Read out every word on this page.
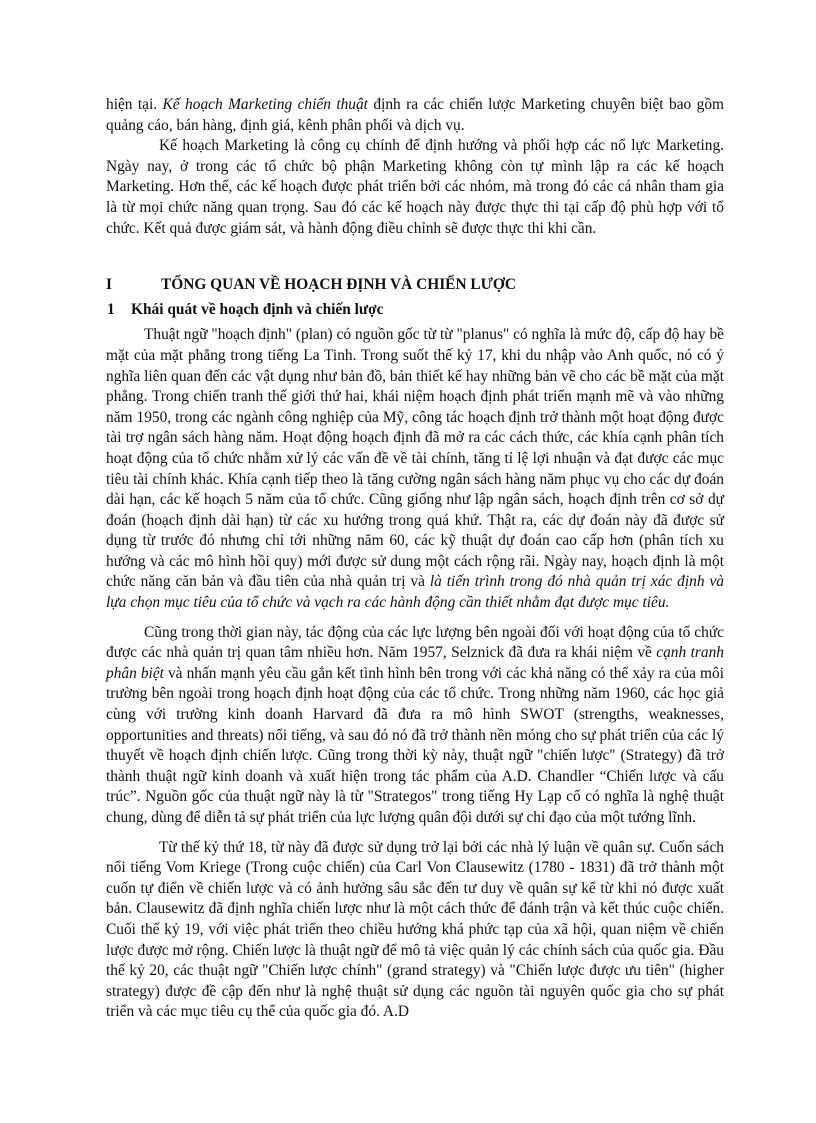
hiện tại. Kế hoạch Marketing chiến thuật định ra các chiến lược Marketing chuyên biệt bao gồm quảng cáo, bán hàng, định giá, kênh phân phối và dịch vụ.

Kế hoạch Marketing là công cụ chính để định hướng và phối hợp các nổ lực Marketing. Ngày nay, ở trong các tổ chức bộ phận Marketing không còn tự mình lập ra các kế hoạch Marketing. Hơn thế, các kế hoạch được phát triển bởi các nhóm, mà trong đó các cá nhân tham gia là từ mọi chức năng quan trọng. Sau đó các kế hoạch này được thực thi tại cấp độ phù hợp với tổ chức. Kết quả được giám sát, và hành động điều chỉnh sẽ được thực thi khi cần.

I	TỔNG QUAN VỀ HOẠCH ĐỊNH VÀ CHIẾN LƯỢC
1	Khái quát về hoạch định và chiến lược

Thuật ngữ "hoạch định" (plan) có nguồn gốc từ từ "planus" có nghĩa là mức độ, cấp độ hay bề mặt của mặt phẳng trong tiếng La Tinh. Trong suốt thế kỷ 17, khi du nhập vào Anh quốc, nó có ý nghĩa liên quan đến các vật dụng như bản đồ, bản thiết kế hay những bản vẽ cho các bề mặt của mặt phẳng. Trong chiến tranh thế giới thứ hai, khái niệm hoạch định phát triển mạnh mẽ và vào những năm 1950, trong các ngành công nghiệp của Mỹ, công tác hoạch định trở thành một hoạt động được tài trợ ngân sách hàng năm. Hoạt động hoạch định đã mở ra các cách thức, các khía cạnh phân tích hoạt động của tổ chức nhằm xử lý các vấn đề về tài chính, tăng tỉ lệ lợi nhuận và đạt được các mục tiêu tài chính khác. Khía cạnh tiếp theo là tăng cường ngân sách hàng năm phục vụ cho các dự đoán dài hạn, các kế hoạch 5 năm của tổ chức. Cũng giống như lập ngân sách, hoạch định trên cơ sở dự đoán (hoạch định dài hạn) từ các xu hướng trong quá khứ. Thật ra, các dự đoán này đã được sử dụng từ trước đó nhưng chỉ tới những năm 60, các kỹ thuật dự đoán cao cấp hơn (phân tích xu hướng và các mô hình hồi quy) mới được sử dung một cách rộng rãi. Ngày nay, hoạch định là một chức năng căn bản và đầu tiên của nhà quản trị và là tiến trình trong đó nhà quản trị xác định và lựa chọn mục tiêu của tổ chức và vạch ra các hành động cần thiết nhằm đạt được mục tiêu.

Cũng trong thời gian này, tác động của các lực lượng bên ngoài đối với hoạt động của tổ chức được các nhà quản trị quan tâm nhiều hơn. Năm 1957, Selznick đã đưa ra khái niệm về cạnh tranh phân biệt và nhấn mạnh yêu cầu gắn kết tình hình bên trong với các khả năng có thể xảy ra của môi trường bên ngoài trong hoạch định hoạt động của các tổ chức. Trong những năm 1960, các học giả cùng với trường kinh doanh Harvard đã đưa ra mô hình SWOT (strengths, weaknesses, opportunities and threats) nổi tiếng, và sau đó nó đã trở thành nền móng cho sự phát triển của các lý thuyết về hoạch định chiến lược. Cũng trong thời kỳ này, thuật ngữ "chiến lược" (Strategy) đã trở thành thuật ngữ kinh doanh và xuất hiện trong tác phẩm của A.D. Chandler “Chiến lược và cấu trúc”. Nguồn gốc của thuật ngữ này là từ "Strategos" trong tiếng Hy Lạp cổ có nghĩa là nghệ thuật chung, dùng để diễn tả sự phát triển của lực lượng quân đội dưới sự chỉ đạo của một tướng lĩnh.

Từ thế kỷ thứ 18, từ này đã được sử dụng trở lại bởi các nhà lý luận về quân sự. Cuốn sách nổi tiếng Vom Kriege (Trong cuộc chiến) của Carl Von Clausewitz (1780 - 1831) đã trở thành một cuốn tự điển về chiến lược và có ảnh hưởng sâu sắc đến tư duy về quân sự kể từ khi nó được xuất bản. Clausewitz đã định nghĩa chiến lược như là một cách thức để đánh trận và kết thúc cuộc chiến. Cuối thế kỷ 19, với việc phát triển theo chiều hướng khá phức tạp của xã hội, quan niệm về chiến lược được mở rộng. Chiến lược là thuật ngữ để mô tả việc quản lý các chính sách của quốc gia. Đầu thế kỷ 20, các thuật ngữ "Chiến lược chính" (grand strategy) và "Chiến lược được ưu tiên" (higher strategy) được đề cập đến như là nghệ thuật sử dụng các nguồn tài nguyên quốc gia cho sự phát triển và các mục tiêu cụ thể của quốc gia đó. A.D
